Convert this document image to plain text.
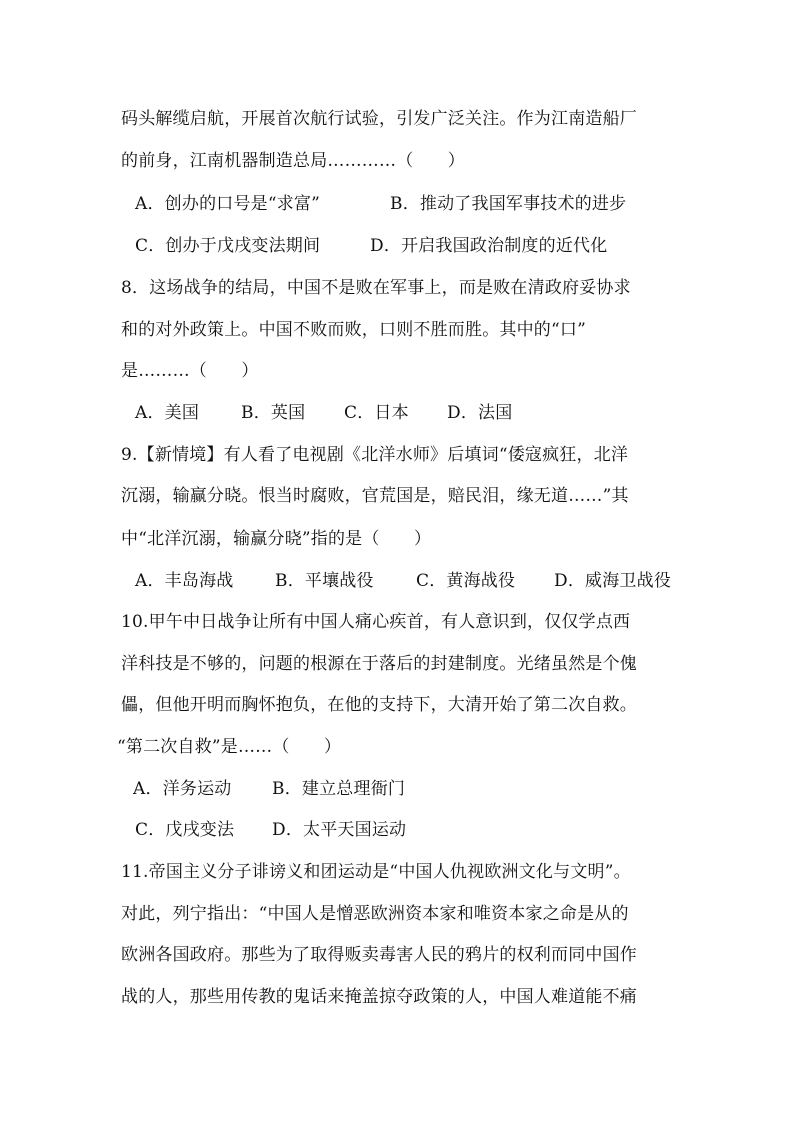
码头解缆启航，开展首次航行试验，引发广泛关注。作为江南造船厂
的前身，江南机器制造总局…………（　　）
A．创办的口号是“求富”	B．推动了我国军事技术的进步
C．创办于戊戌变法期间	D．开启我国政治制度的近代化
8．这场战争的结局，中国不是败在军事上，而是败在清政府妥协求
和的对外政策上。中国不败而败，口则不胜而胜。其中的“口”
是………（　　）
A．美国 B．英国 C．日本 D．法国
9.【新情境】有人看了电视剧《北洋水师》后填词“倭寇疯狂，北洋
沉溺，输赢分晓。恨当时腐败，官荒国是，赔民泪，缘无道……”其
中“北洋沉溺，输赢分晓”指的是（　　）
A．丰岛海战 B．平壤战役 C．黄海战役 D．威海卫战役
10.甲午中日战争让所有中国人痛心疾首，有人意识到，仅仅学点西
洋科技是不够的，问题的根源在于落后的封建制度。光绪虽然是个傀
儡，但他开明而胸怀抱负，在他的支持下，大清开始了第二次自救。
“第二次自救”是……（　　）
A．洋务运动 B．建立总理衙门
C．戊戌变法 D．太平天国运动
11.帝国主义分子诽谤义和团运动是“中国人仇视欧洲文化与文明”。
对此，列宁指出：“中国人是憎恶欧洲资本家和唯资本家之命是从的
欧洲各国政府。那些为了取得贩卖毒害人民的鸦片的权利而同中国作
战的人，那些用传教的鬼话来掩盖掠夺政策的人，中国人难道能不痛
